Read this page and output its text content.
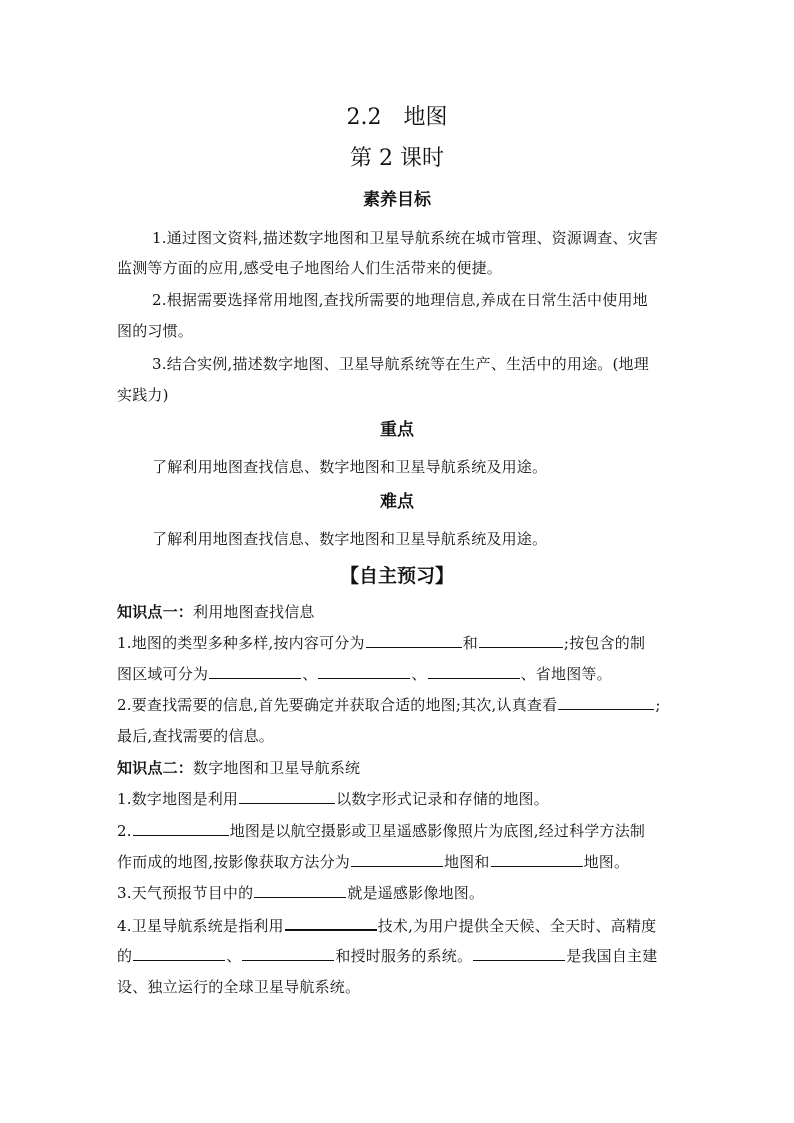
2.2　地图
第 2 课时
素养目标
1.通过图文资料,描述数字地图和卫星导航系统在城市管理、资源调查、灾害
监测等方面的应用,感受电子地图给人们生活带来的便捷。
2.根据需要选择常用地图,查找所需要的地理信息,养成在日常生活中使用地
图的习惯。
3.结合实例,描述数字地图、卫星导航系统等在生产、生活中的用途。(地理
实践力)
重点
了解利用地图查找信息、数字地图和卫星导航系统及用途。
难点
了解利用地图查找信息、数字地图和卫星导航系统及用途。
【自主预习】
知识点一：利用地图查找信息
1.地图的类型多种多样,按内容可分为	和	;按包含的制
图区域可分为	、	、	、省地图等。
2.要查找需要的信息,首先要确定并获取合适的地图;其次,认真查看	;
最后,查找需要的信息。
知识点二：数字地图和卫星导航系统
1.数字地图是利用	以数字形式记录和存储的地图。
2.	地图是以航空摄影或卫星遥感影像照片为底图,经过科学方法制
作而成的地图,按影像获取方法分为	地图和	地图。
3.天气预报节目中的	就是遥感影像地图。
4.卫星导航系统是指利用	技术,为用户提供全天候、全天时、高精度
的	、	和授时服务的系统。	是我国自主建
设、独立运行的全球卫星导航系统。
